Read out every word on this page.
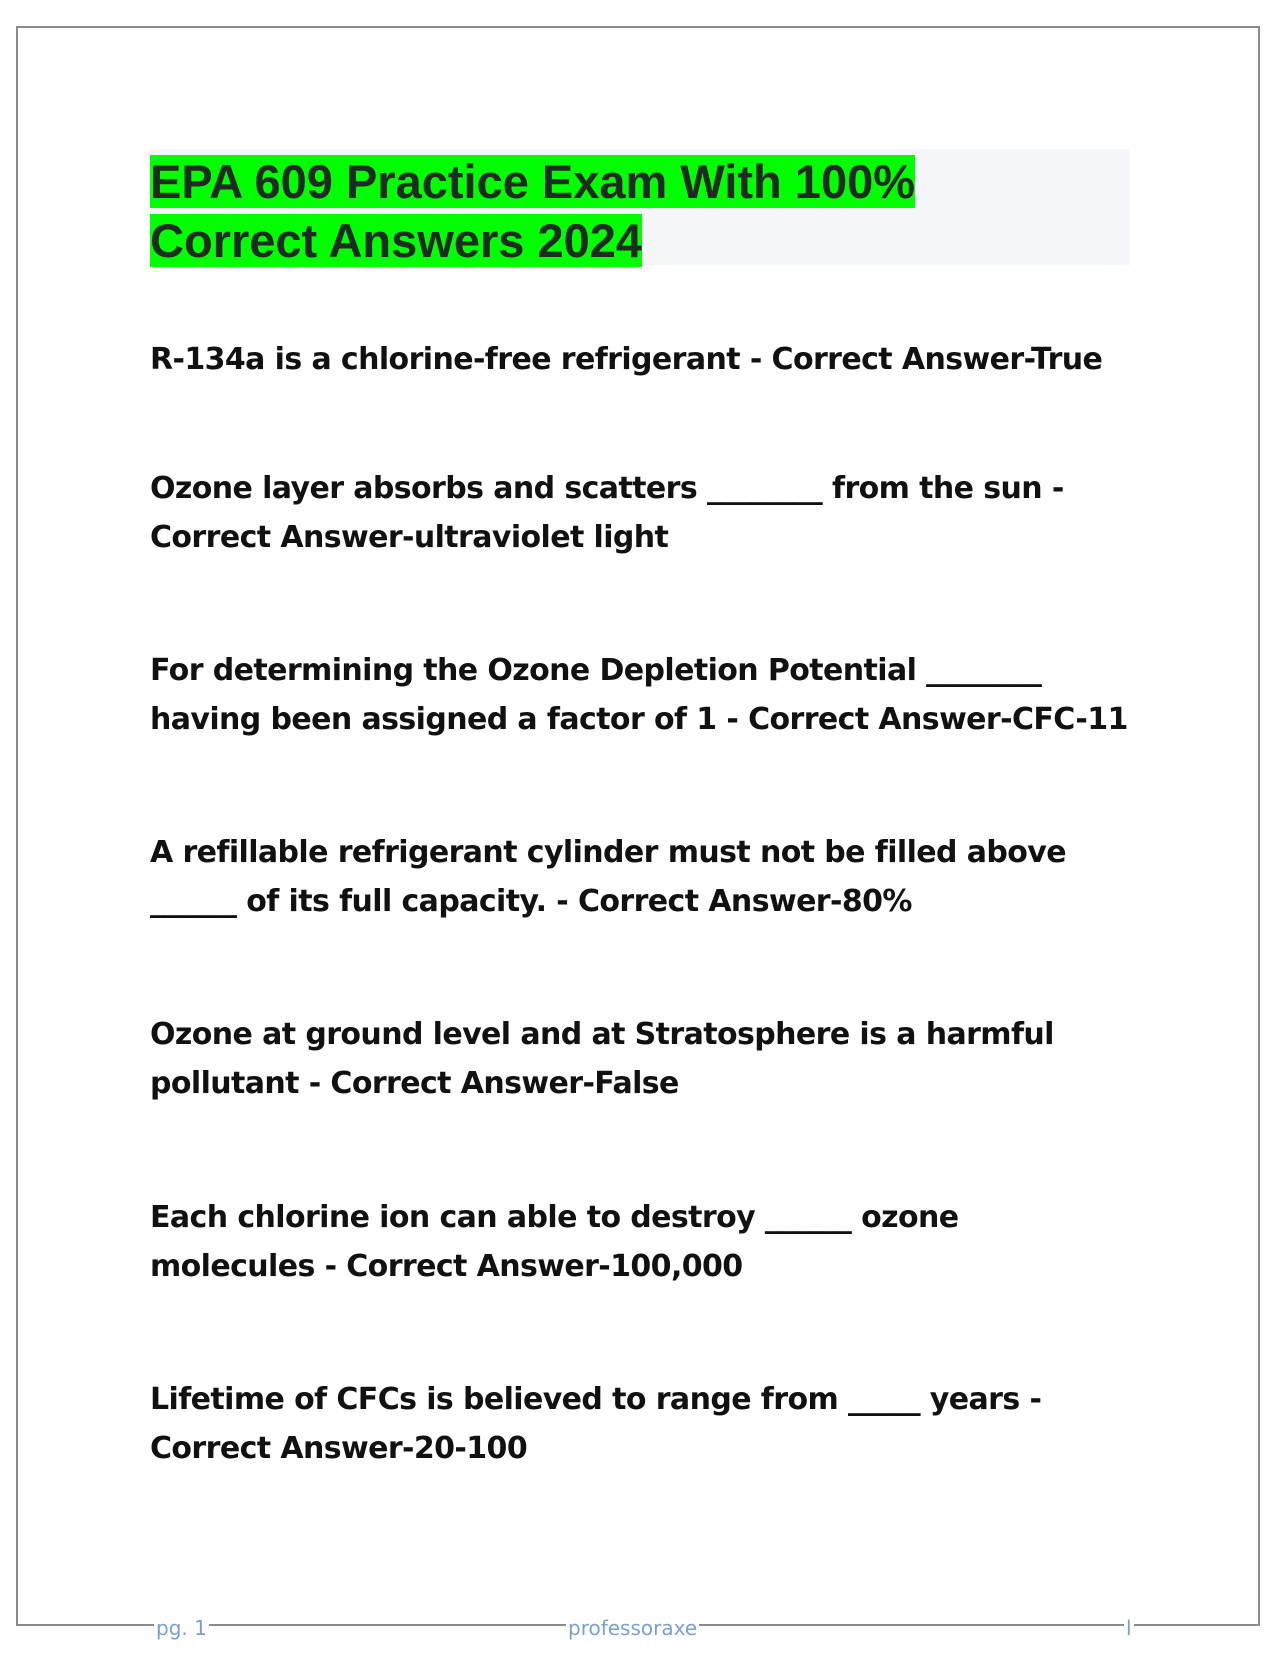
EPA 609 Practice Exam With 100%
Correct Answers 2024

R-134a is a chlorine-free refrigerant - Correct Answer-True

Ozone layer absorbs and scatters ________ from the sun - Correct Answer-ultraviolet light

For determining the Ozone Depletion Potential ________ having been assigned a factor of 1 - Correct Answer-CFC-11

A refillable refrigerant cylinder must not be filled above ______ of its full capacity. - Correct Answer-80%

Ozone at ground level and at Stratosphere is a harmful pollutant - Correct Answer-False

Each chlorine ion can able to destroy ______ ozone molecules - Correct Answer-100,000

Lifetime of CFCs is believed to range from _____ years - Correct Answer-20-100

pg. 1	professoraxe	l
